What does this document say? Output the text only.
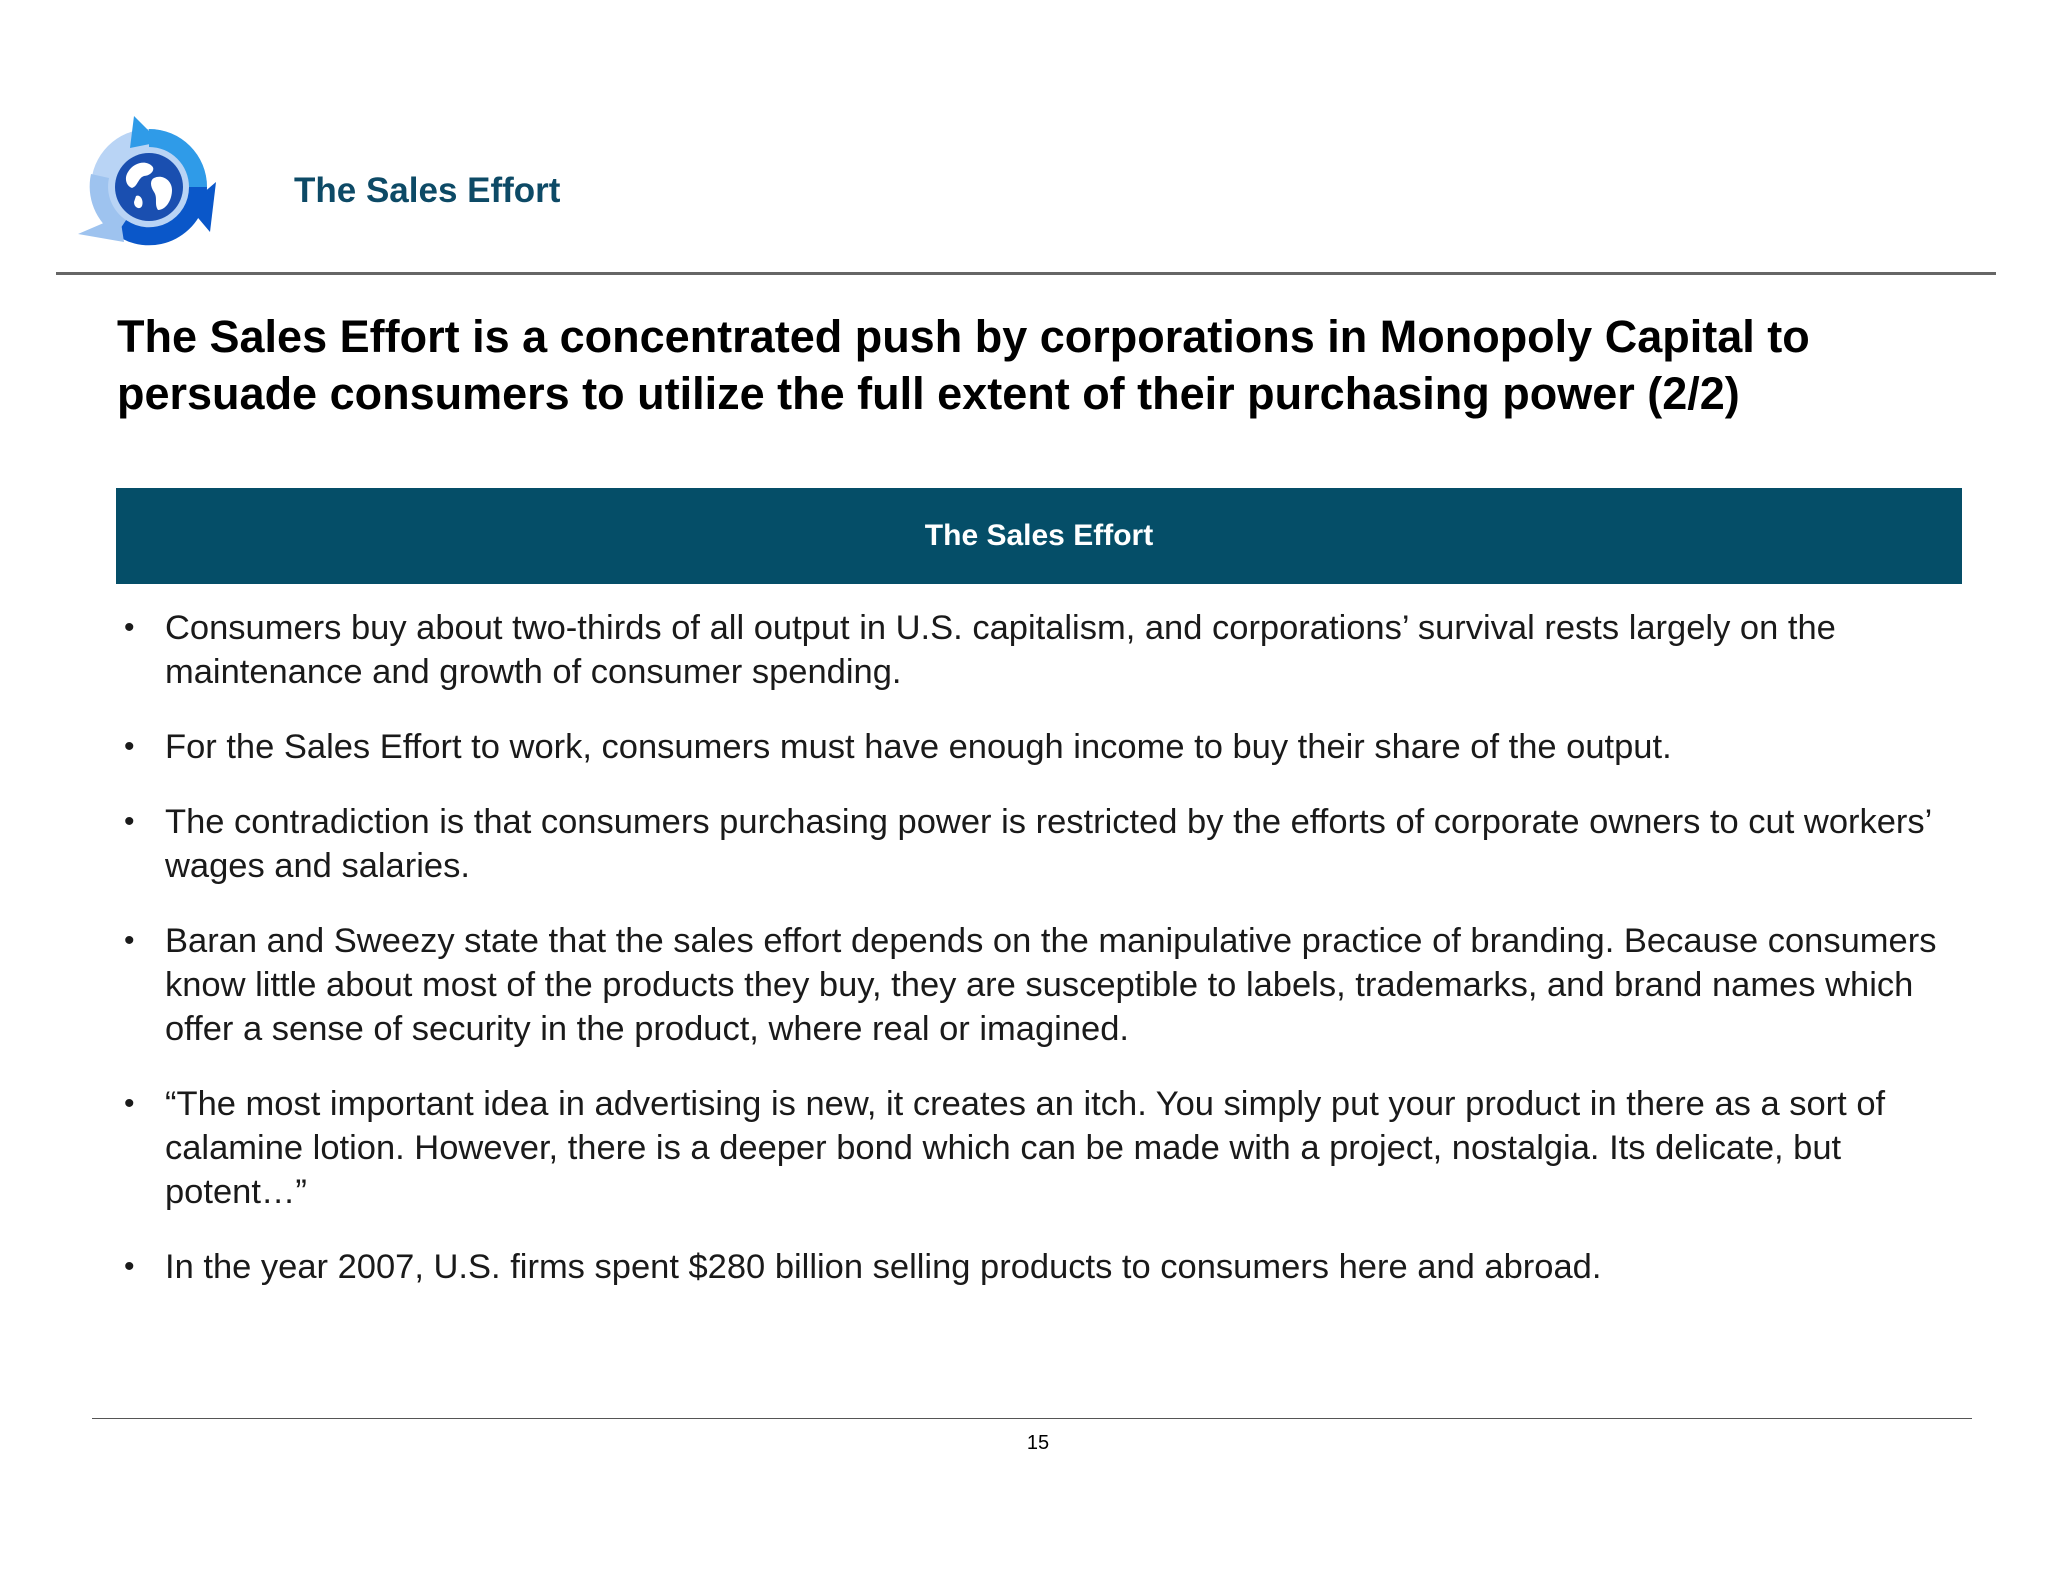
The Sales Effort
The Sales Effort is a concentrated push by corporations in Monopoly Capital to persuade consumers to utilize the full extent of their purchasing power (2/2)
The Sales Effort
• Consumers buy about two-thirds of all output in U.S. capitalism, and corporations’ survival rests largely on the maintenance and growth of consumer spending.
• For the Sales Effort to work, consumers must have enough income to buy their share of the output.
• The contradiction is that consumers purchasing power is restricted by the efforts of corporate owners to cut workers’ wages and salaries.
• Baran and Sweezy state that the sales effort depends on the manipulative practice of branding. Because consumers know little about most of the products they buy, they are susceptible to labels, trademarks, and brand names which offer a sense of security in the product, where real or imagined.
• “The most important idea in advertising is new, it creates an itch. You simply put your product in there as a sort of calamine lotion. However, there is a deeper bond which can be made with a project, nostalgia. Its delicate, but potent…”
• In the year 2007, U.S. firms spent $280 billion selling products to consumers here and abroad.
15
